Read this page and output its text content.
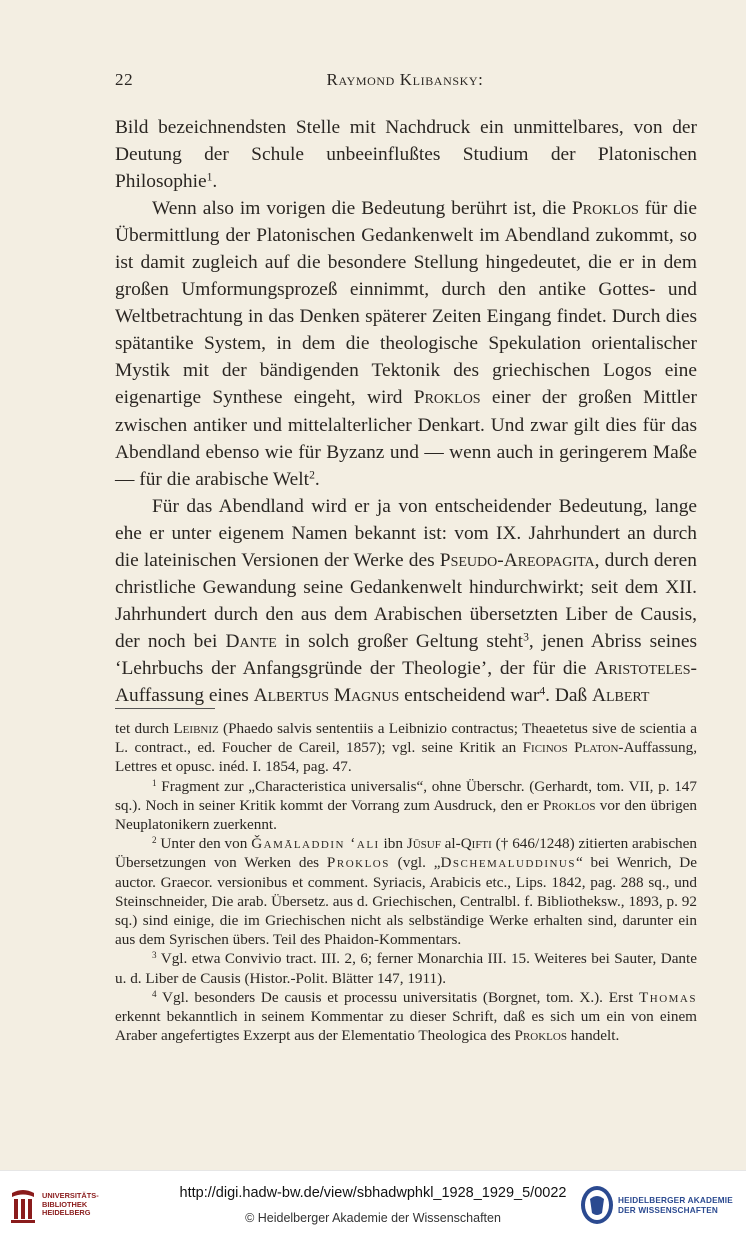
22	Raymond Klibansky:

Bild bezeichnendsten Stelle mit Nachdruck ein unmittelbares, von der Deutung der Schule unbeeinflußtes Studium der Platonischen Philosophie$^1$.

Wenn also im vorigen die Bedeutung berührt ist, die Proklos für die Übermittlung der Platonischen Gedankenwelt im Abendland zukommt, so ist damit zugleich auf die besondere Stellung hingedeutet, die er in dem großen Umformungsprozeß einnimmt, durch den antike Gottes- und Weltbetrachtung in das Denken späterer Zeiten Eingang findet. Durch dies spätantike System, in dem die theologische Spekulation orientalischer Mystik mit der bändigenden Tektonik des griechischen Logos eine eigenartige Synthese eingeht, wird Proklos einer der großen Mittler zwischen antiker und mittelalterlicher Denkart. Und zwar gilt dies für das Abendland ebenso wie für Byzanz und — wenn auch in geringerem Maße — für die arabische Welt$^2$.

Für das Abendland wird er ja von entscheidender Bedeutung, lange ehe er unter eigenem Namen bekannt ist: vom IX. Jahrhundert an durch die lateinischen Versionen der Werke des Pseudo-Areopagita, durch deren christliche Gewandung seine Gedankenwelt hindurchwirkt; seit dem XII. Jahrhundert durch den aus dem Arabischen übersetzten Liber de Causis, der noch bei Dante in solch großer Geltung steht$^3$, jenen Abriss seines ‘Lehrbuchs der Anfangsgründe der Theologie’, der für die Aristoteles-Auffassung eines Albertus Magnus entscheidend war$^4$. Daß Albert

tet durch Leibniz (Phaedo salvis sententiis a Leibnizio contractus; Theaetetus sive de scientia a L. contract., ed. Foucher de Careil, 1857); vgl. seine Kritik an Ficinos Platon-Auffassung, Lettres et opusc. inéd. I. 1854, pag. 47.

$^1$ Fragment zur „Characteristica universalis“, ohne Überschr. (Gerhardt, tom. VII, p. 147 sq.). Noch in seiner Kritik kommt der Vorrang zum Ausdruck, den er Proklos vor den übrigen Neuplatonikern zuerkennt.

$^2$ Unter den von Ǧamāladdin ‘ali ibn Jūsuf al-Qifti († 646/1248) zitierten arabischen Übersetzungen von Werken des Proklos (vgl. „Dschemaluddinus“ bei Wenrich, De auctor. Graecor. versionibus et comment. Syriacis, Arabicis etc., Lips. 1842, pag. 288 sq., und Steinschneider, Die arab. Übersetz. aus d. Griechischen, Centralbl. f. Bibliotheksw., 1893, p. 92 sq.) sind einige, die im Griechischen nicht als selbständige Werke erhalten sind, darunter ein aus dem Syrischen übers. Teil des Phaidon-Kommentars.

$^3$ Vgl. etwa Convivio tract. III. 2, 6; ferner Monarchia III. 15. Weiteres bei Sauter, Dante u. d. Liber de Causis (Histor.-Polit. Blätter 147, 1911).

$^4$ Vgl. besonders De causis et processu universitatis (Borgnet, tom. X.). Erst Thomas erkennt bekanntlich in seinem Kommentar zu dieser Schrift, daß es sich um ein von einem Araber angefertigtes Exzerpt aus der Elementatio Theologica des Proklos handelt.

UNIVERSITÄTS-
BIBLIOTHEK
HEIDELBERG
http://digi.hadw-bw.de/view/sbhadwphkl_1928_1929_5/0022
© Heidelberger Akademie der Wissenschaften
HEIDELBERGER AKADEMIE
DER WISSENSCHAFTEN
